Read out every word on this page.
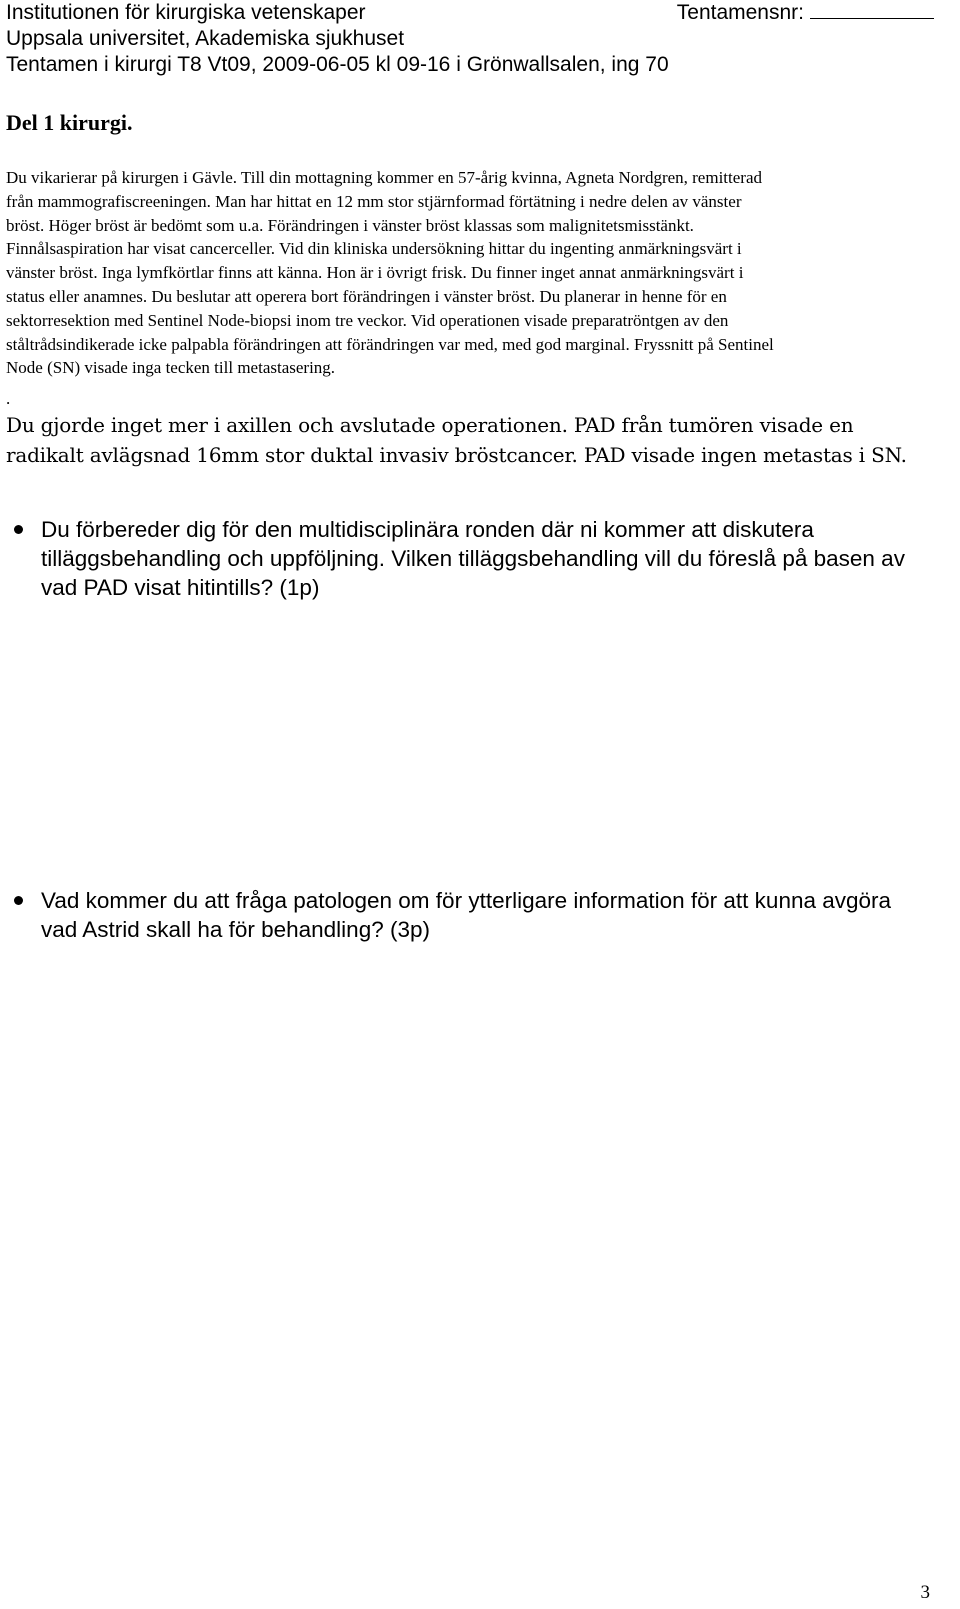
Institutionen för kirurgiska vetenskaper	Tentamensnr:
Uppsala universitet, Akademiska sjukhuset
Tentamen i kirurgi T8 Vt09, 2009-06-05 kl 09-16 i Grönwallsalen, ing 70
Del 1 kirurgi.

Du vikarierar på kirurgen i Gävle. Till din mottagning kommer en 57-årig kvinna, Agneta Nordgren, remitterad

från mammografiscreeningen. Man har hittat en 12 mm stor stjärnformad förtätning i nedre delen av vänster

bröst. Höger bröst är bedömt som u.a. Förändringen i vänster bröst klassas som malignitetsmisstänkt.

Finnålsaspiration har visat cancerceller. Vid din kliniska undersökning hittar du ingenting anmärkningsvärt i

vänster bröst. Inga lymfkörtlar finns att känna. Hon är i övrigt frisk. Du finner inget annat anmärkningsvärt i

status eller anamnes. Du beslutar att operera bort förändringen i vänster bröst. Du planerar in henne för en

sektorresektion med Sentinel Node-biopsi inom tre veckor. Vid operationen visade preparatröntgen av den

ståltrådsindikerade icke palpabla förändringen att förändringen var med, med god marginal. Fryssnitt på Sentinel

Node (SN) visade inga tecken till metastasering.

.
Du gjorde inget mer i axillen och avslutade operationen. PAD från tumören visade en
radikalt avlägsnad 16mm stor duktal invasiv bröstcancer. PAD visade ingen metastas i SN.
Du förbereder dig för den multidisciplinära ronden där ni kommer att diskutera
tilläggsbehandling och uppföljning. Vilken tilläggsbehandling vill du föreslå på basen av
vad PAD visat hitintills? (1p)
Vad kommer du att fråga patologen om för ytterligare information för att kunna avgöra
vad Astrid skall ha för behandling? (3p)
3
